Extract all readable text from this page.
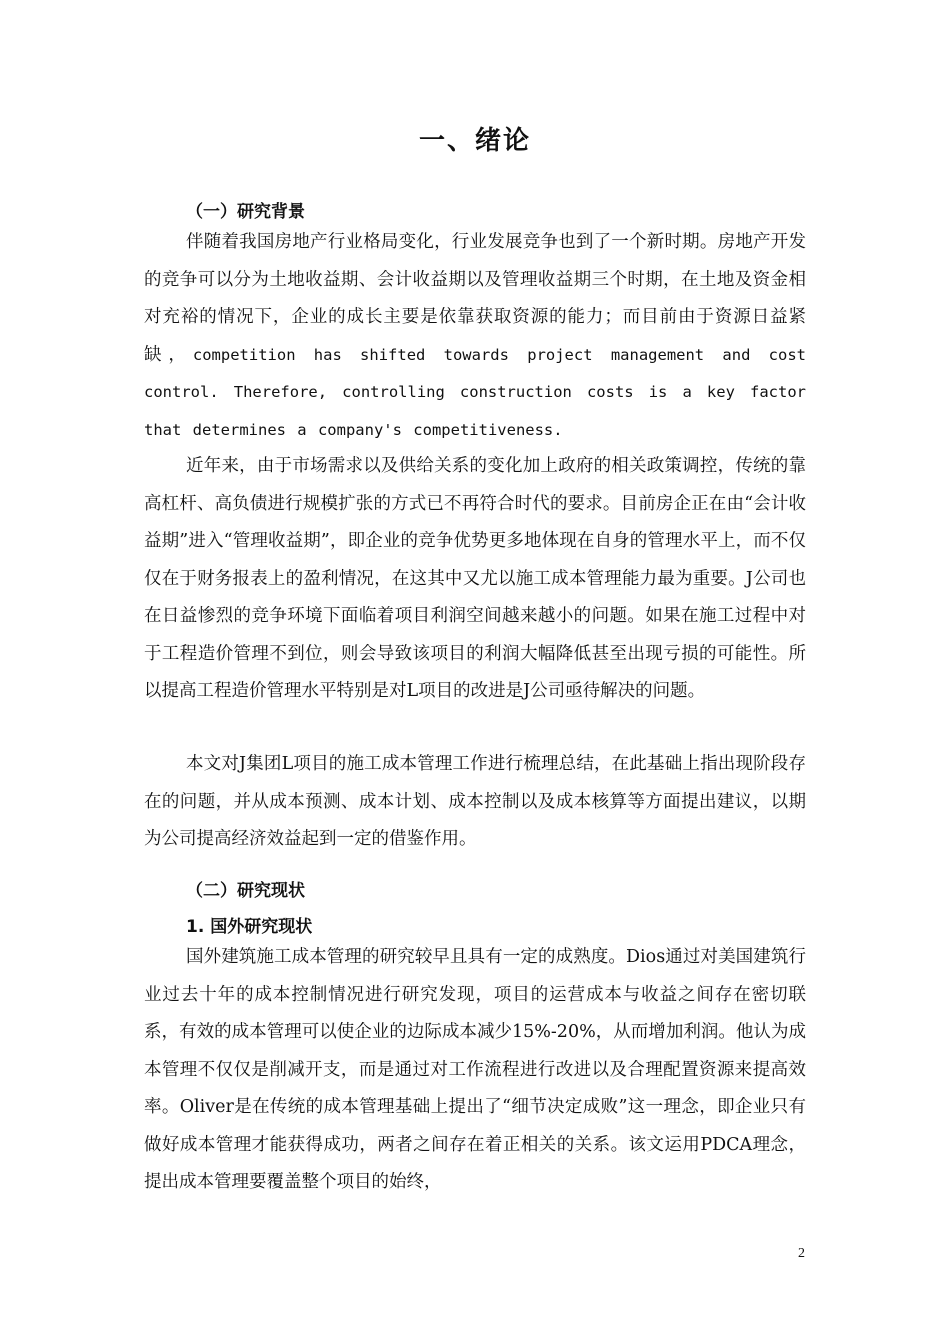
一、绪论
（一）研究背景

伴随着我国房地产行业格局变化，行业发展竞争也到了一个新时期。房地产开发的竞争可以分为土地收益期、会计收益期以及管理收益期三个时期，在土地及资金相对充裕的情况下，企业的成长主要是依靠获取资源的能力；而目前由于资源日益紧缺，competition has shifted towards project management and cost control. Therefore, controlling construction costs is a key factor that determines a company's competitiveness.

近年来，由于市场需求以及供给关系的变化加上政府的相关政策调控，传统的靠高杠杆、高负债进行规模扩张的方式已不再符合时代的要求。目前房企正在由“会计收益期”进入“管理收益期”，即企业的竞争优势更多地体现在自身的管理水平上，而不仅仅在于财务报表上的盈利情况，在这其中又尤以施工成本管理能力最为重要。J公司也在日益惨烈的竞争环境下面临着项目利润空间越来越小的问题。如果在施工过程中对于工程造价管理不到位，则会导致该项目的利润大幅降低甚至出现亏损的可能性。所以提高工程造价管理水平特别是对L项目的改进是J公司亟待解决的问题。

本文对J集团L项目的施工成本管理工作进行梳理总结，在此基础上指出现阶段存在的问题，并从成本预测、成本计划、成本控制以及成本核算等方面提出建议，以期为公司提高经济效益起到一定的借鉴作用。

（二）研究现状
1. 国外研究现状

国外建筑施工成本管理的研究较早且具有一定的成熟度。Dios通过对美国建筑行业过去十年的成本控制情况进行研究发现，项目的运营成本与收益之间存在密切联系，有效的成本管理可以使企业的边际成本减少15%-20%，从而增加利润。他认为成本管理不仅仅是削减开支，而是通过对工作流程进行改进以及合理配置资源来提高效率。Oliver是在传统的成本管理基础上提出了“细节决定成败”这一理念，即企业只有做好成本管理才能获得成功，两者之间存在着正相关的关系。该文运用PDCA理念，提出成本管理要覆盖整个项目的始终，

2
